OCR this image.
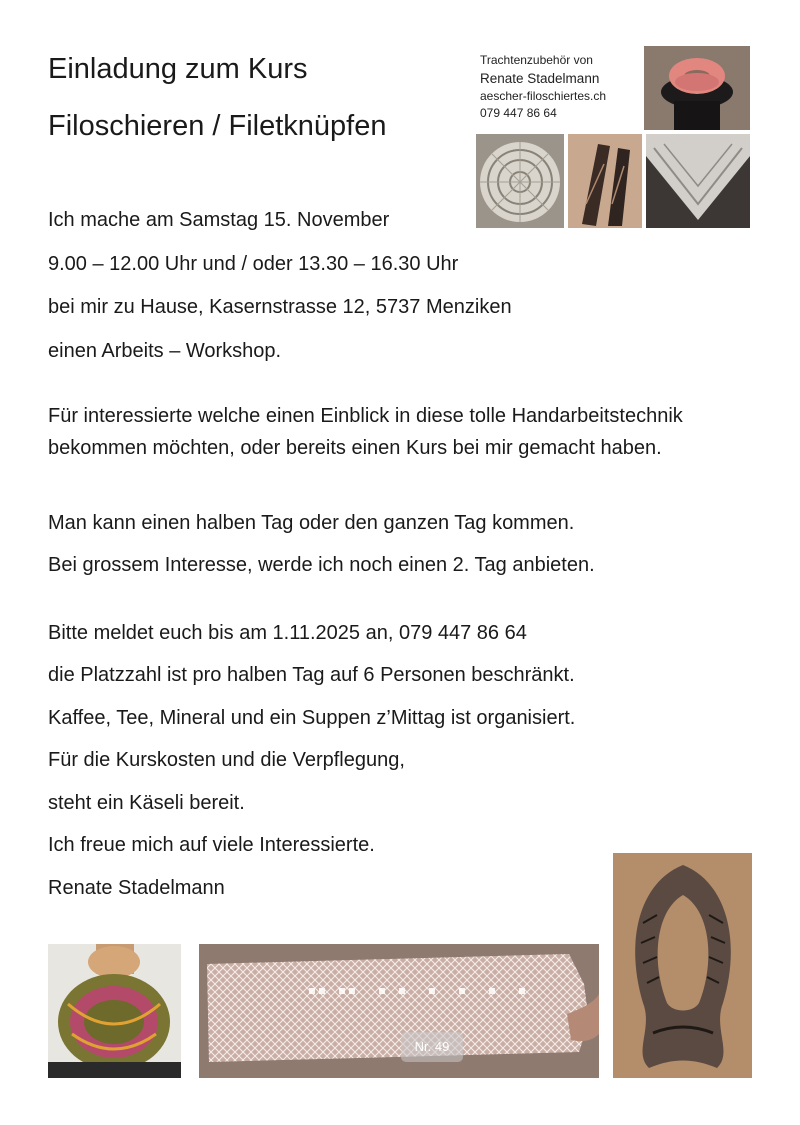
Einladung zum Kurs
Filoschieren / Filetknüpfen
Trachtenzubehör von
Renate Stadelmann
aescher-filoschiertes.ch
079 447 86 64
Ich mache am Samstag 15. November
9.00 – 12.00 Uhr und / oder 13.30 – 16.30 Uhr
bei mir zu Hause, Kasernstrasse 12, 5737 Menziken
einen Arbeits – Workshop.
Für interessierte welche einen Einblick in diese tolle Handarbeitstechnik bekommen möchten, oder bereits einen Kurs bei mir gemacht haben.
Man kann einen halben Tag oder den ganzen Tag kommen.
Bei grossem Interesse, werde ich noch einen 2. Tag anbieten.
Bitte meldet euch bis am 1.11.2025 an, 079 447 86 64
die Platzzahl ist pro halben Tag auf 6 Personen beschränkt.
Kaffee, Tee, Mineral und ein Suppen z’Mittag ist organisiert.
Für die Kurskosten und die Verpflegung,
steht ein Käseli bereit.
Ich freue mich auf viele Interessierte.
Renate Stadelmann
Nr. 49
